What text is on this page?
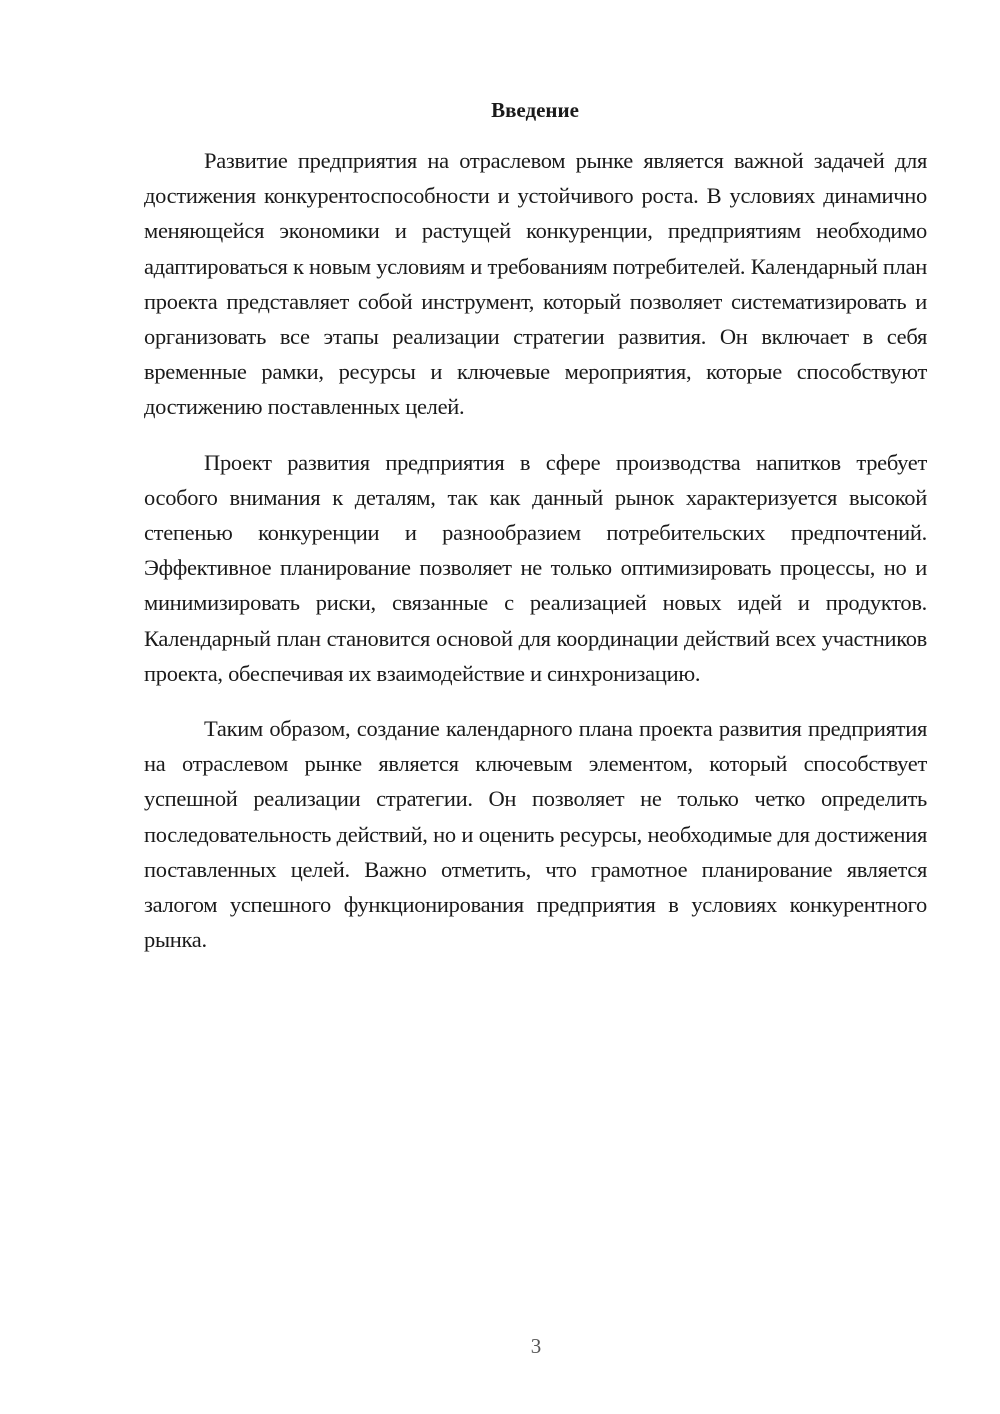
Введение

Развитие предприятия на отраслевом рынке является важной задачей для достижения конкурентоспособности и устойчивого роста. В условиях динамично меняющейся экономики и растущей конкуренции, предприятиям необходимо адаптироваться к новым условиям и требованиям потребителей. Календарный план проекта представляет собой инструмент, который позволяет систематизировать и организовать все этапы реализации стратегии развития. Он включает в себя временные рамки, ресурсы и ключевые мероприятия, которые способствуют достижению поставленных целей.

Проект развития предприятия в сфере производства напитков требует особого внимания к деталям, так как данный рынок характеризуется высокой степенью конкуренции и разнообразием потребительских предпочтений. Эффективное планирование позволяет не только оптимизировать процессы, но и минимизировать риски, связанные с реализацией новых идей и продуктов. Календарный план становится основой для координации действий всех участников проекта, обеспечивая их взаимодействие и синхронизацию.

Таким образом, создание календарного плана проекта развития предприятия на отраслевом рынке является ключевым элементом, который способствует успешной реализации стратегии. Он позволяет не только четко определить последовательность действий, но и оценить ресурсы, необходимые для достижения поставленных целей. Важно отметить, что грамотное планирование является залогом успешного функционирования предприятия в условиях конкурентного рынка.

3
